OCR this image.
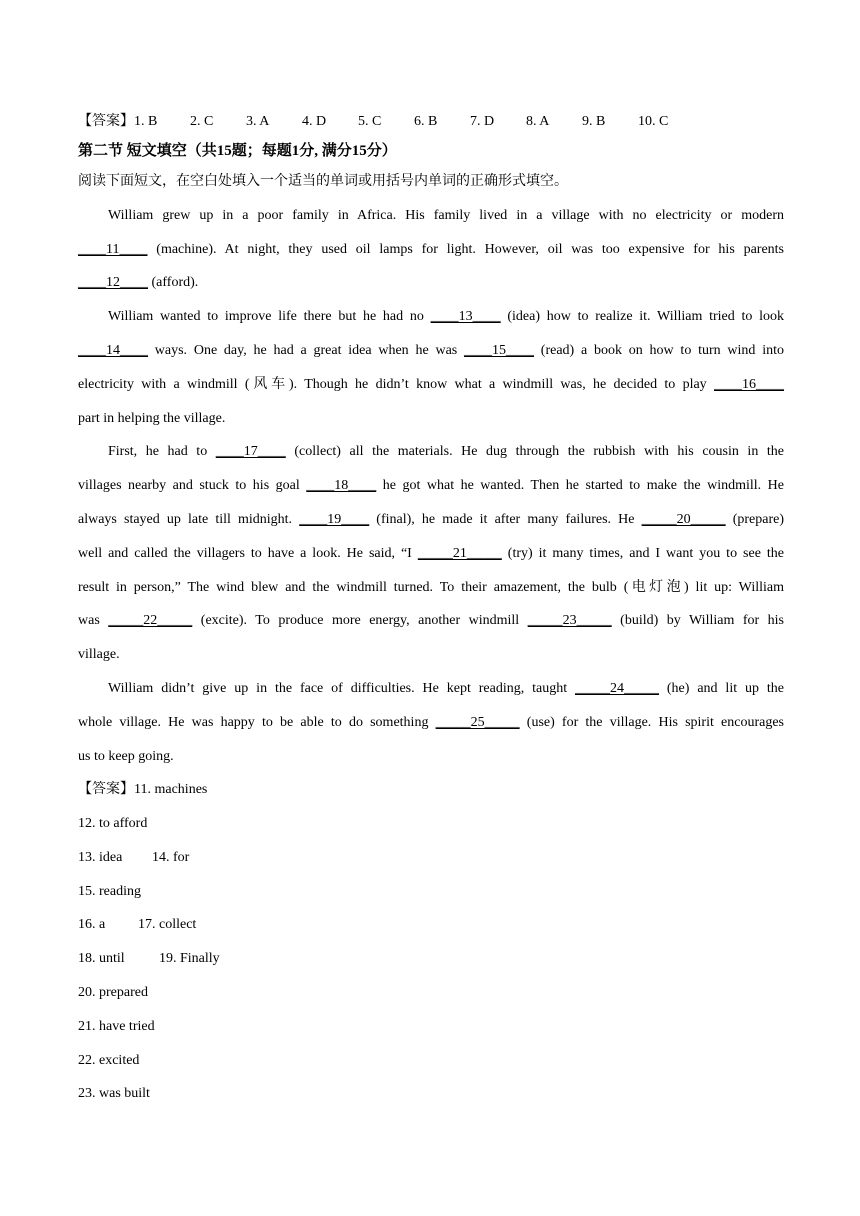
【答案】1. B 2. C 3. A 4. D 5. C 6. B 7. D 8. A 9. B 10. C
第二节 短文填空（共15题；每题1分, 满分15分）
阅读下面短文，在空白处填入一个适当的单词或用括号内单词的正确形式填空。
William grew up in a poor family in Africa. His family lived in a village with no electricity or modern
____11____ (machine). At night, they used oil lamps for light. However, oil was too expensive for his parents
____12____ (afford).
William wanted to improve life there but he had no ____13____ (idea) how to realize it. William tried to look
____14____ ways. One day, he had a great idea when he was ____15____ (read) a book on how to turn wind into
electricity with a windmill (风车). Though he didn’t know what a windmill was, he decided to play ____16____
part in helping the village.
First, he had to ____17____ (collect) all the materials. He dug through the rubbish with his cousin in the
villages nearby and stuck to his goal ____18____ he got what he wanted. Then he started to make the windmill. He
always stayed up late till midnight. ____19____ (final), he made it after many failures. He _____20_____ (prepare)
well and called the villagers to have a look. He said, “I _____21_____ (try) it many times, and I want you to see the
result in person,” The wind blew and the windmill turned. To their amazement, the bulb (电灯泡) lit up: William
was _____22_____ (excite). To produce more energy, another windmill _____23_____ (build) by William for his
village.
William didn’t give up in the face of difficulties. He kept reading, taught _____24_____ (he) and lit up the
whole village. He was happy to be able to do something _____25_____ (use) for the village. His spirit encourages
us to keep going.
【答案】11. machines
12. to afford
13. idea 14. for
15. reading
16. a 17. collect
18. until 19. Finally
20. prepared
21. have tried
22. excited
23. was built
